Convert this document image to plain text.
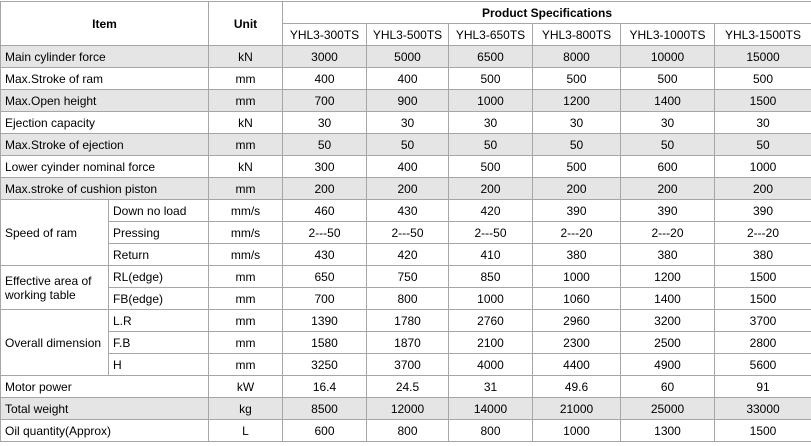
Item		Unit	Product Specifications					
			YHL3-300TS	YHL3-500TS	YHL3-650TS	YHL3-800TS	YHL3-1000TS	YHL3-1500TS
Main cylinder force		kN	3000	5000	6500	8000	10000	15000
Max.Stroke of ram		mm	400	400	500	500	500	500
Max.Open height		mm	700	900	1000	1200	1400	1500
Ejection capacity		kN	30	30	30	30	30	30
Max.Stroke of ejection		mm	50	50	50	50	50	50
Lower cyinder nominal force		kN	300	400	500	500	600	1000
Max.stroke of cushion piston		mm	200	200	200	200	200	200
Speed of ram	Down no load	mm/s	460	430	420	390	390	390
	Pressing	mm/s	2---50	2---50	2---50	2---20	2---20	2---20
	Return	mm/s	430	420	410	380	380	380
Effective area of working table	RL(edge)	mm	650	750	850	1000	1200	1500
	FB(edge)	mm	700	800	1000	1060	1400	1500
Overall dimension	L.R	mm	1390	1780	2760	2960	3200	3700
	F.B	mm	1580	1870	2100	2300	2500	2800
	H	mm	3250	3700	4000	4400	4900	5600
Motor power		kW	16.4	24.5	31	49.6	60	91
Total weight		kg	8500	12000	14000	21000	25000	33000
Oil quantity(Approx)		L	600	800	800	1000	1300	1500
